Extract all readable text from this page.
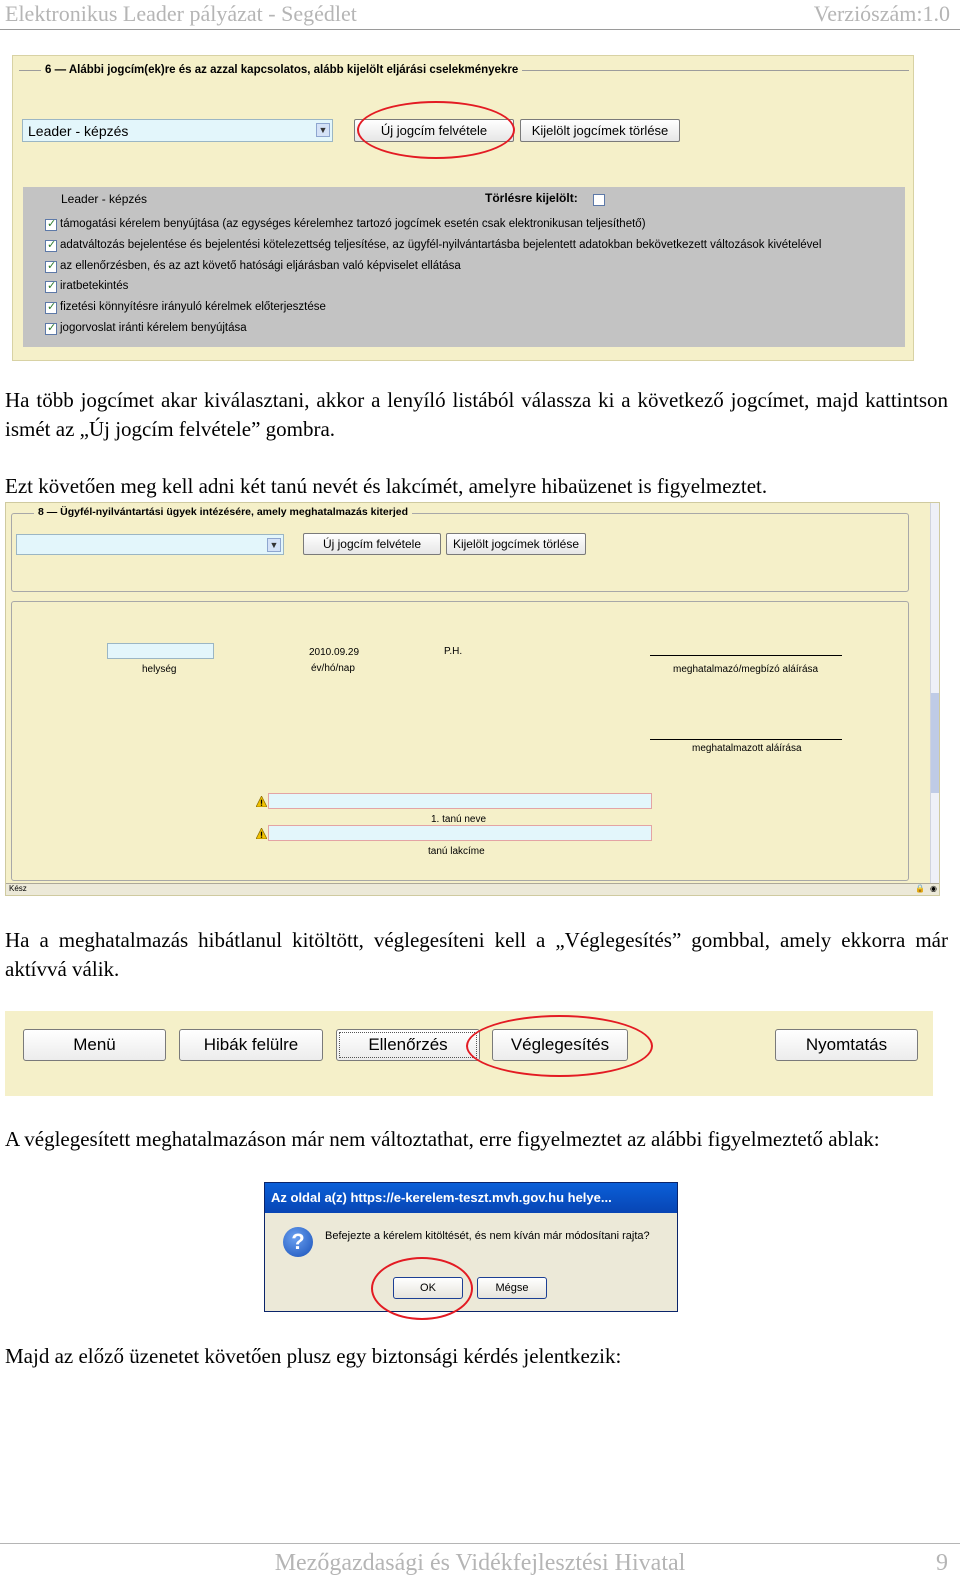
Elektronikus Leader pályázat - Segédlet	Verziószám:1.0
6 — Alábbi jogcím(ek)re és az azzal kapcsolatos, alább kijelölt eljárási cselekményekre
Leader - képzés	▼	Új jogcím felvétele	Kijelölt jogcímek törlése
Leader - képzés	Törlésre kijelölt:
✓
támogatási kérelem benyújtása (az egységes kérelemhez tartozó jogcímek esetén csak elektronikusan teljesíthető)
✓
adatváltozás bejelentése és bejelentési kötelezettség teljesítése, az ügyfél-nyilvántartásba bejelentett adatokban bekövetkezett változások kivételével
✓
az ellenőrzésben, és az azt követő hatósági eljárásban való képviselet ellátása
✓
iratbetekintés
✓
fizetési könnyítésre irányuló kérelmek előterjesztése
✓
jogorvoslat iránti kérelem benyújtása
Ha több jogcímet akar kiválasztani, akkor a lenyíló listából válassza ki a következő jogcímet, majd kattintson ismét az „Új jogcím felvétele” gombra.
Ezt követően meg kell adni két tanú nevét és lakcímét, amelyre hibaüzenet is figyelmeztet.
8 — Ügyfél-nyilvántartási ügyek intézésére, amely meghatalmazás kiterjed
▼	Új jogcím felvétele	Kijelölt jogcímek törlése
helység
2010.09.29
év/hó/nap
P.H.
meghatalmazó/megbízó aláírása
meghatalmazott aláírása
1. tanú neve
tanú lakcíme
Kész	🔒 ◉
Ha a meghatalmazás hibátlanul kitöltött, véglegesíteni kell a „Véglegesítés” gombbal, amely ekkorra már aktívvá válik.
Menü	Hibák felülre	Ellenőrzés	Véglegesítés	Nyomtatás
A véglegesített meghatalmazáson már nem változtathat, erre figyelmeztet az alábbi figyelmeztető ablak:
Az oldal a(z) https://e-kerelem-teszt.mvh.gov.hu helye...
?	Befejezte a kérelem kitöltését, és nem kíván már módosítani rajta?
OK	Mégse
Majd az előző üzenetet követően plusz egy biztonsági kérdés jelentkezik:
Mezőgazdasági és Vidékfejlesztési Hivatal	9
